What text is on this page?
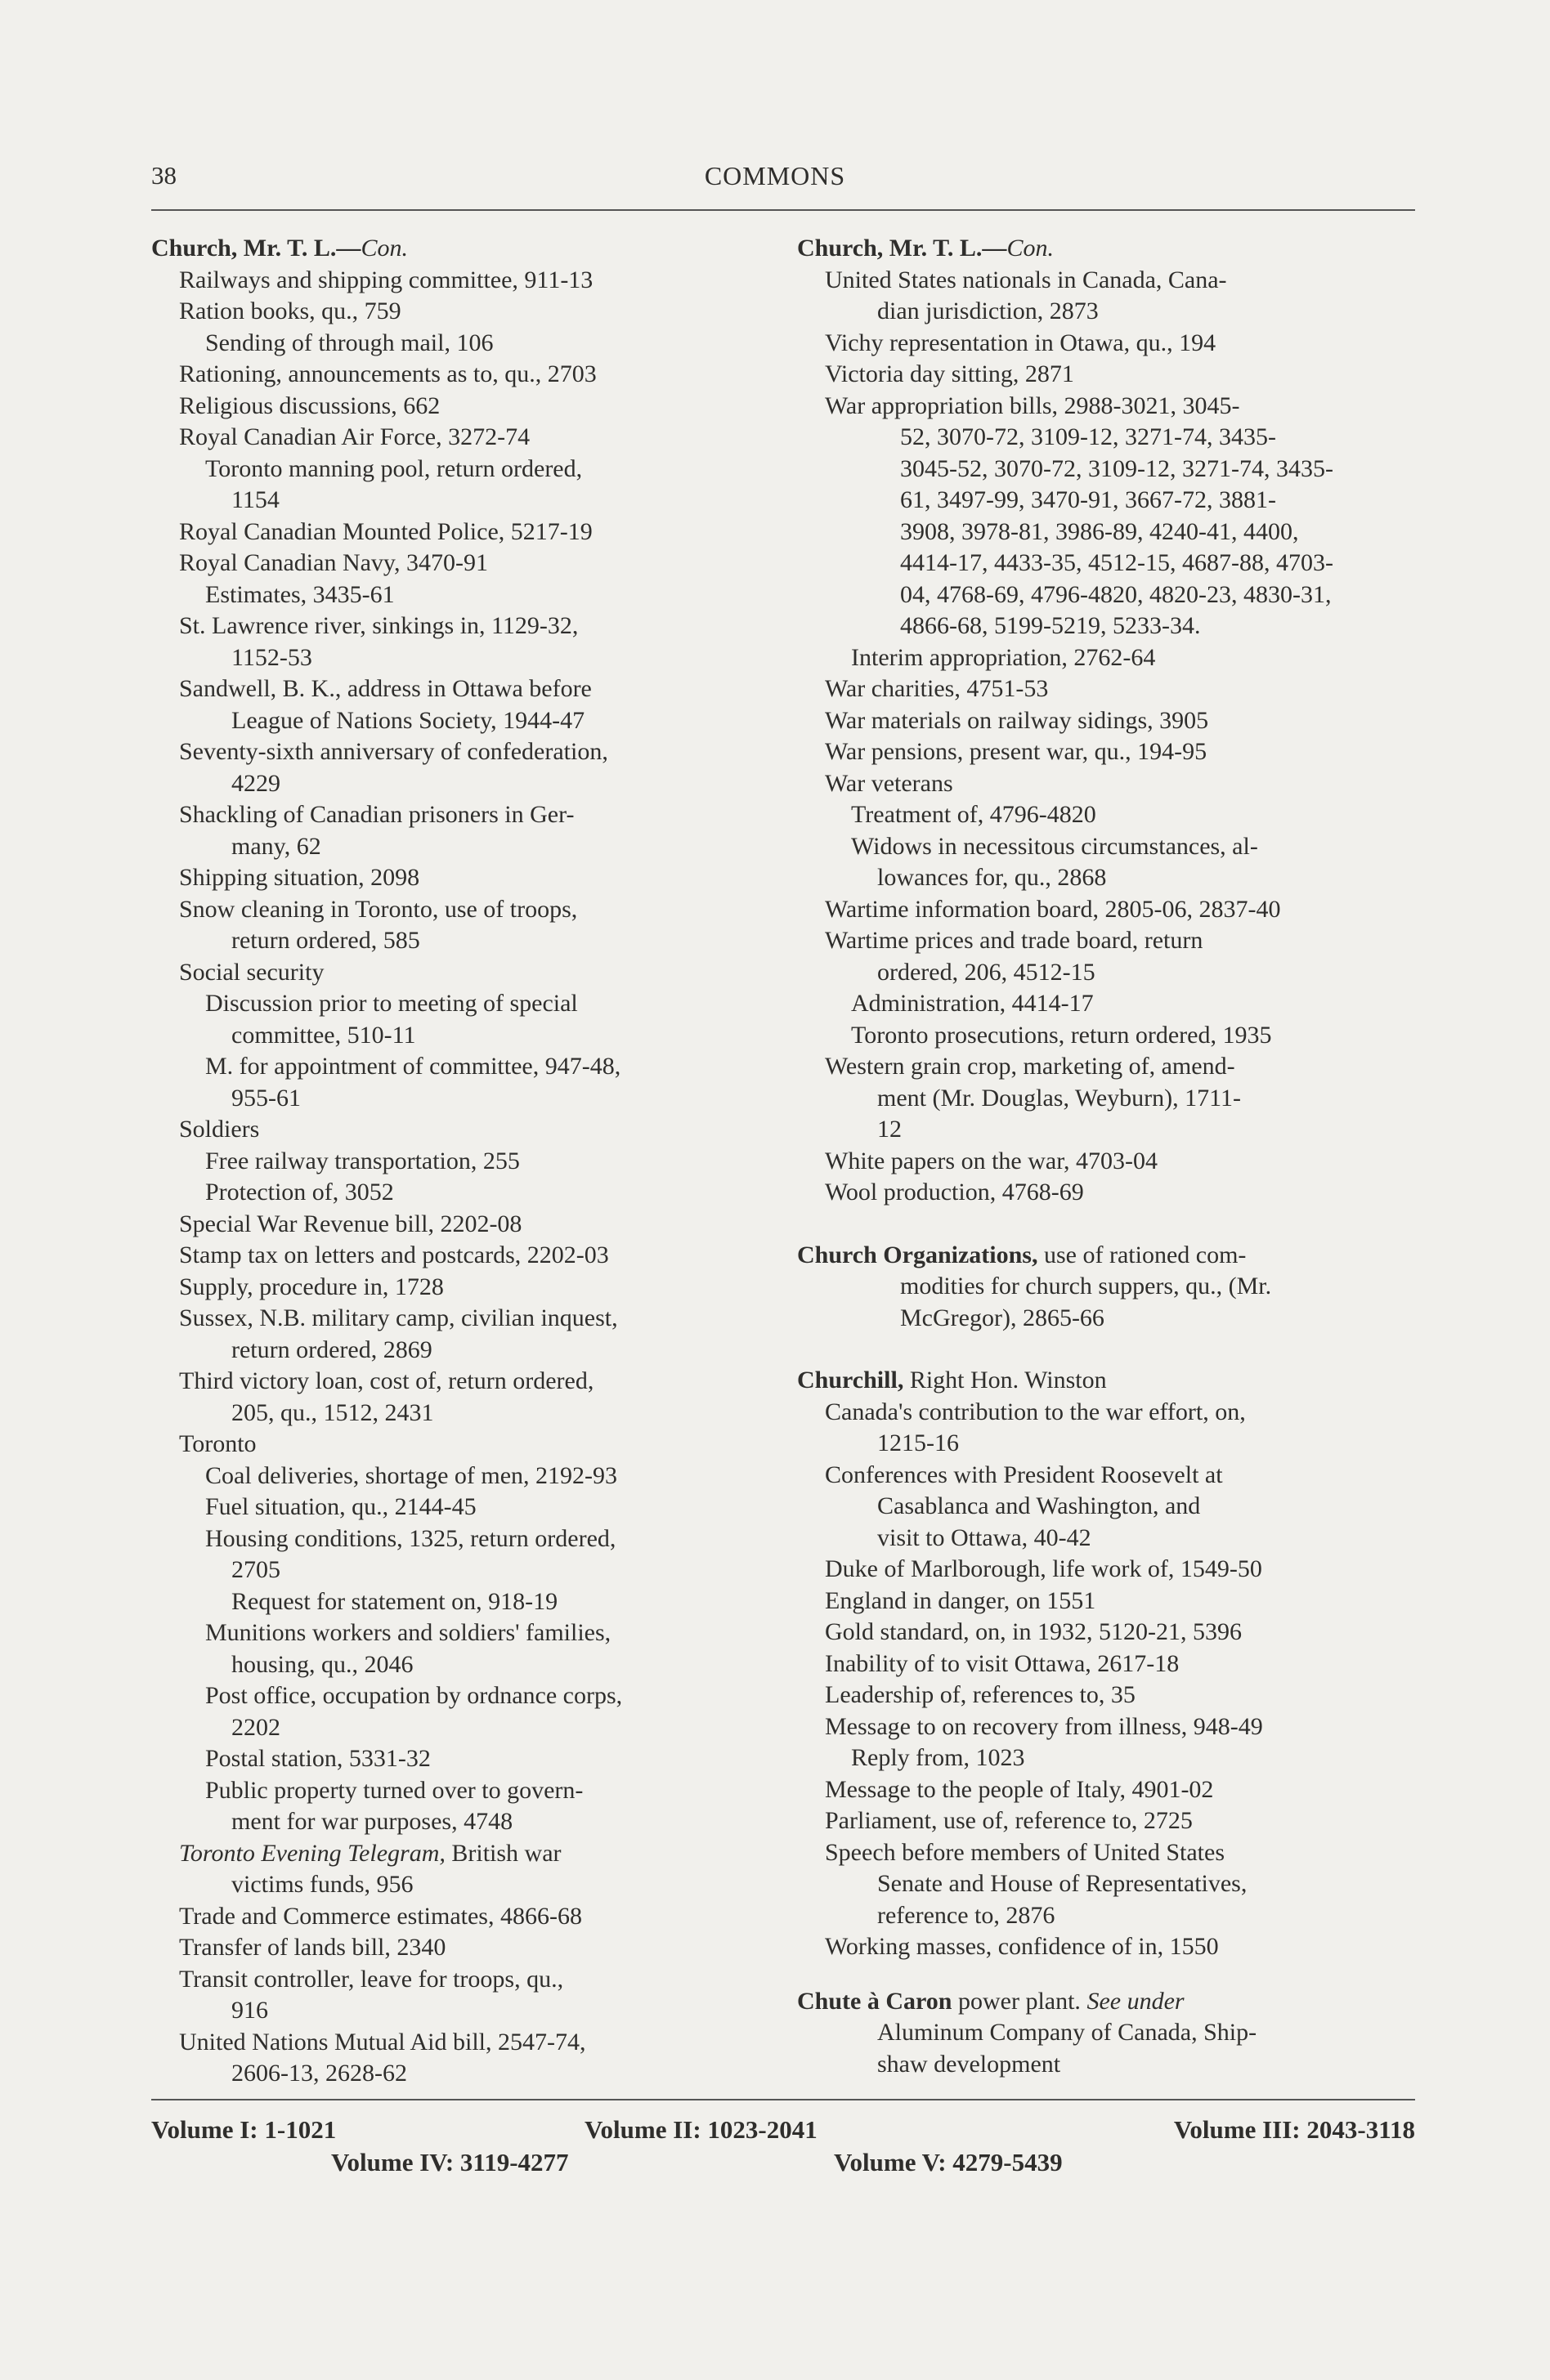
38	COMMONS
Church, Mr. T. L.—Con.
Railways and shipping committee, 911-13
Ration books, qu., 759
Sending of through mail, 106
Rationing, announcements as to, qu., 2703
Religious discussions, 662
Royal Canadian Air Force, 3272-74
Toronto manning pool, return ordered,
1154
Royal Canadian Mounted Police, 5217-19
Royal Canadian Navy, 3470-91
Estimates, 3435-61
St. Lawrence river, sinkings in, 1129-32,
1152-53
Sandwell, B. K., address in Ottawa before
League of Nations Society, 1944-47
Seventy-sixth anniversary of confederation,
4229
Shackling of Canadian prisoners in Ger-
many, 62
Shipping situation, 2098
Snow cleaning in Toronto, use of troops,
return ordered, 585
Social security
Discussion prior to meeting of special
committee, 510-11
M. for appointment of committee, 947-48,
955-61
Soldiers
Free railway transportation, 255
Protection of, 3052
Special War Revenue bill, 2202-08
Stamp tax on letters and postcards, 2202-03
Supply, procedure in, 1728
Sussex, N.B. military camp, civilian inquest,
return ordered, 2869
Third victory loan, cost of, return ordered,
205, qu., 1512, 2431
Toronto
Coal deliveries, shortage of men, 2192-93
Fuel situation, qu., 2144-45
Housing conditions, 1325, return ordered,
2705
Request for statement on, 918-19
Munitions workers and soldiers' families,
housing, qu., 2046
Post office, occupation by ordnance corps,
2202
Postal station, 5331-32
Public property turned over to govern-
ment for war purposes, 4748
Toronto Evening Telegram, British war
victims funds, 956
Trade and Commerce estimates, 4866-68
Transfer of lands bill, 2340
Transit controller, leave for troops, qu.,
916
United Nations Mutual Aid bill, 2547-74,
2606-13, 2628-62
Church, Mr. T. L.—Con.
United States nationals in Canada, Cana-
dian jurisdiction, 2873
Vichy representation in Otawa, qu., 194
Victoria day sitting, 2871
War appropriation bills, 2988-3021, 3045-
52, 3070-72, 3109-12, 3271-74, 3435-
3045-52, 3070-72, 3109-12, 3271-74, 3435-
61, 3497-99, 3470-91, 3667-72, 3881-
3908, 3978-81, 3986-89, 4240-41, 4400,
4414-17, 4433-35, 4512-15, 4687-88, 4703-
04, 4768-69, 4796-4820, 4820-23, 4830-31,
4866-68, 5199-5219, 5233-34.
Interim appropriation, 2762-64
War charities, 4751-53
War materials on railway sidings, 3905
War pensions, present war, qu., 194-95
War veterans
Treatment of, 4796-4820
Widows in necessitous circumstances, al-
lowances for, qu., 2868
Wartime information board, 2805-06, 2837-40
Wartime prices and trade board, return
ordered, 206, 4512-15
Administration, 4414-17
Toronto prosecutions, return ordered, 1935
Western grain crop, marketing of, amend-
ment (Mr. Douglas, Weyburn), 1711-
12
White papers on the war, 4703-04
Wool production, 4768-69
Church Organizations, use of rationed com-
modities for church suppers, qu., (Mr.
McGregor), 2865-66
Churchill, Right Hon. Winston
Canada's contribution to the war effort, on,
1215-16
Conferences with President Roosevelt at
Casablanca and Washington, and
visit to Ottawa, 40-42
Duke of Marlborough, life work of, 1549-50
England in danger, on 1551
Gold standard, on, in 1932, 5120-21, 5396
Inability of to visit Ottawa, 2617-18
Leadership of, references to, 35
Message to on recovery from illness, 948-49
Reply from, 1023
Message to the people of Italy, 4901-02
Parliament, use of, reference to, 2725
Speech before members of United States
Senate and House of Representatives,
reference to, 2876
Working masses, confidence of in, 1550
Chute à Caron power plant. See under
Aluminum Company of Canada, Ship-
shaw development
Volume I: 1-1021	Volume II: 1023-2041	Volume III: 2043-3118
Volume IV: 3119-4277	Volume V: 4279-5439
